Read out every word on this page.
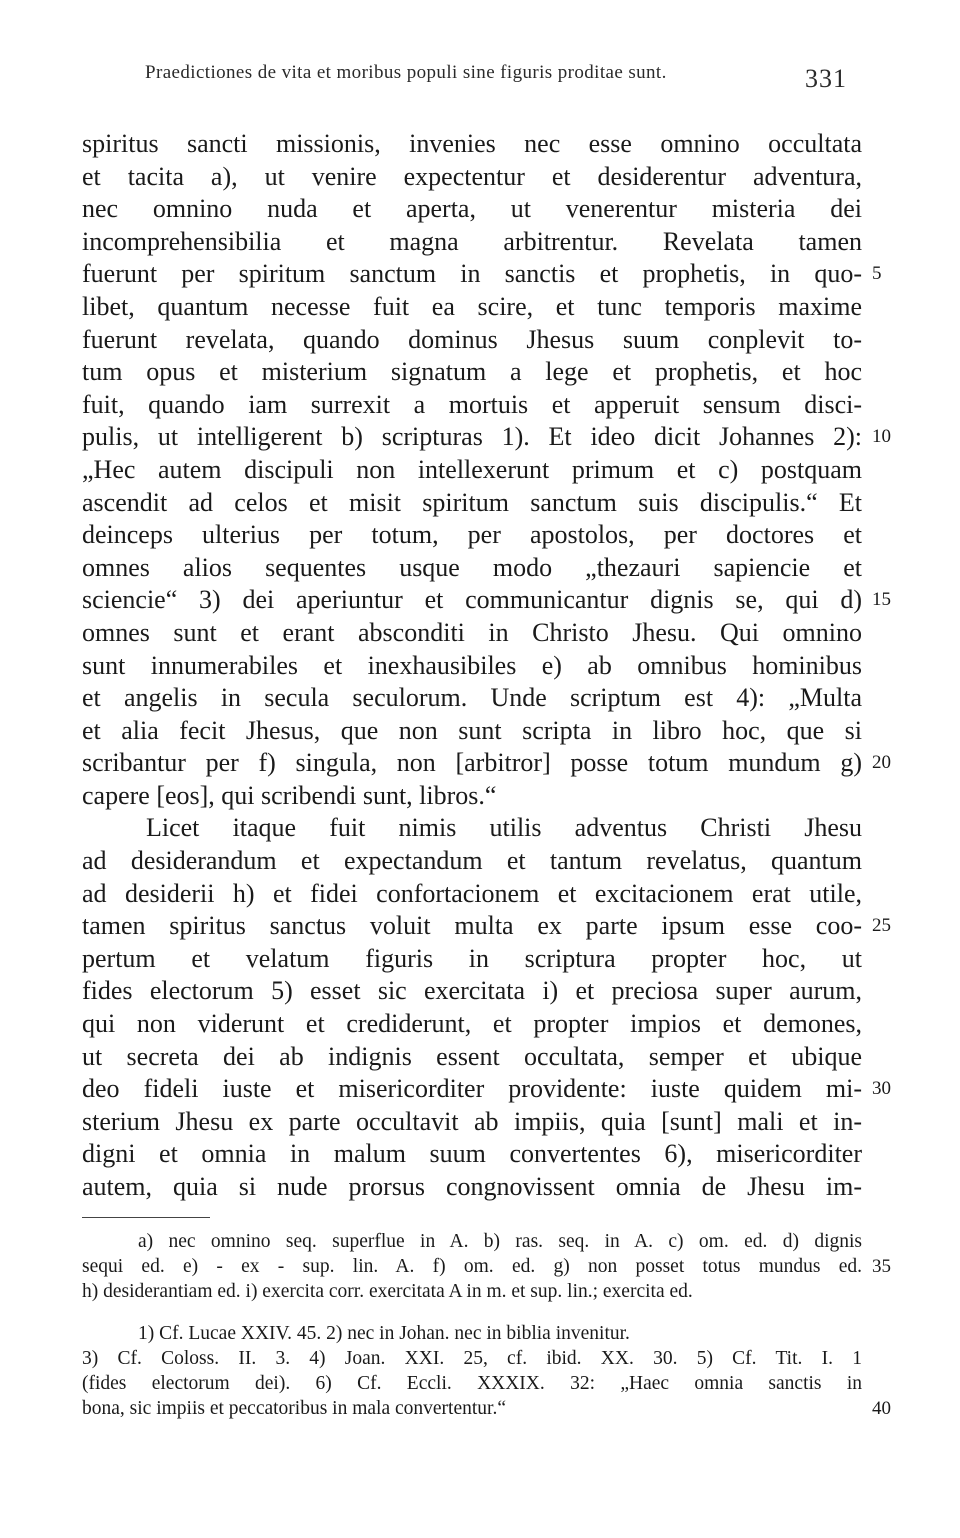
Praedictiones de vita et moribus populi sine figuris proditae sunt.	331
spiritus sancti missionis, invenies nec esse omnino occultata
et tacita a), ut venire expectentur et desiderentur adventura,
nec omnino nuda et aperta, ut venerentur misteria dei
incomprehensibilia et magna arbitrentur. Revelata tamen
fuerunt per spiritum sanctum in sanctis et prophetis, in quo- 5
libet, quantum necesse fuit ea scire, et tunc temporis maxime
fuerunt revelata, quando dominus Jhesus suum conplevit to-
tum opus et misterium signatum a lege et prophetis, et hoc
fuit, quando iam surrexit a mortuis et apperuit sensum disci-
pulis, ut intelligerent b) scripturas 1). Et ideo dicit Johannes 2): 10
„Hec autem discipuli non intellexerunt primum et c) postquam
ascendit ad celos et misit spiritum sanctum suis discipulis.“ Et
deinceps ulterius per totum, per apostolos, per doctores et
omnes alios sequentes usque modo „thezauri sapiencie et
sciencie“ 3) dei aperiuntur et communicantur dignis se, qui d) 15
omnes sunt et erant absconditi in Christo Jhesu. Qui omnino
sunt innumerabiles et inexhausibiles e) ab omnibus hominibus
et angelis in secula seculorum. Unde scriptum est 4): „Multa
et alia fecit Jhesus, que non sunt scripta in libro hoc, que si
scribantur per f) singula, non [arbitror] posse totum mundum g) 20
capere [eos], qui scribendi sunt, libros.“
Licet itaque fuit nimis utilis adventus Christi Jhesu
ad desiderandum et expectandum et tantum revelatus, quantum
ad desiderii h) et fidei confortacionem et excitacionem erat utile,
tamen spiritus sanctus voluit multa ex parte ipsum esse coo- 25
pertum et velatum figuris in scriptura propter hoc, ut
fides electorum 5) esset sic exercitata i) et preciosa super aurum,
qui non viderunt et crediderunt, et propter impios et demones,
ut secreta dei ab indignis essent occultata, semper et ubique
deo fideli iuste et misericorditer providente: iuste quidem mi- 30
sterium Jhesu ex parte occultavit ab impiis, quia [sunt] mali et in-
digni et omnia in malum suum convertentes 6), misericorditer
autem, quia si nude prorsus congnovissent omnia de Jhesu im-
a) nec omnino seq. superflue in A. b) ras. seq. in A. c) om. ed. d) dignis
sequi ed. e) - ex - sup. lin. A. f) om. ed. g) non posset totus mundus ed. 35
h) desiderantiam ed. i) exercita corr. exercitata A in m. et sup. lin.; exercita ed.
1) Cf. Lucae XXIV. 45. 2) nec in Johan. nec in biblia invenitur.
3) Cf. Coloss. II. 3. 4) Joan. XXI. 25, cf. ibid. XX. 30. 5) Cf. Tit. I. 1
(fides electorum dei). 6) Cf. Eccli. XXXIX. 32: „Haec omnia sanctis in
bona, sic impiis et peccatoribus in mala convertentur.“	40
